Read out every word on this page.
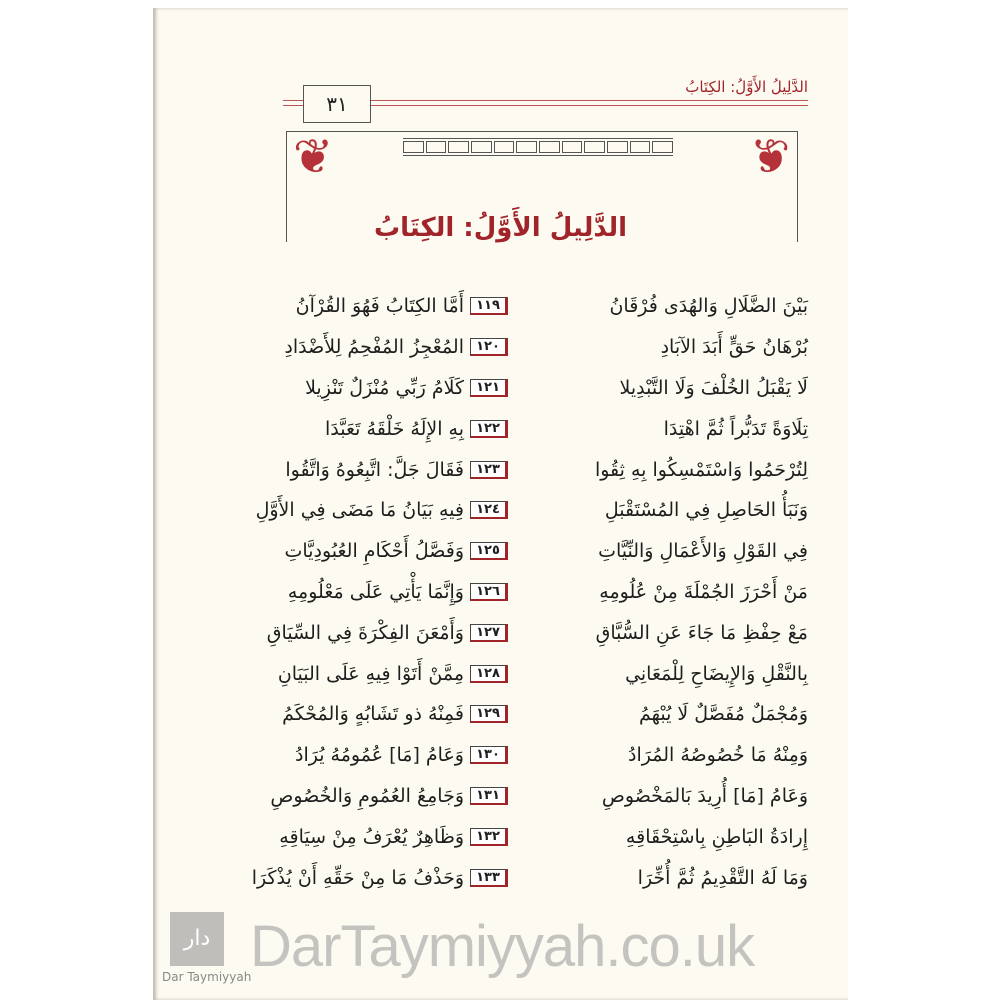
الدَّلِيلُ الأَوَّلُ: الكِتَابُ
٣١
❦	❦
الدَّلِيلُ الأَوَّلُ: الكِتَابُ
١١٩
أَمَّا الكِتَابُ فَهُوَ القُرْآنُ	بَيْنَ الضَّلَالِ وَالهُدَى فُرْقَانُ
١٢٠
المُعْجِزُ المُفْحِمُ لِلأَضْدَادِ	بُرْهَانُ حَقٍّ أَبَدَ الآبَادِ
١٢١
كَلَامُ رَبِّي مُنْزَلٌ تَنْزِيلا	لَا يَقْبَلُ الخُلْفَ وَلَا التَّبْدِيلا
١٢٢
بِهِ الإِلَهُ خَلْقَهُ تَعَبَّدَا	تِلَاوَةً تَدَبُّراً ثُمَّ اهْتِدَا
١٢٣
فَقَالَ جَلَّ: اتَّبِعُوهُ وَاتَّقُوا	لِتُرْحَمُوا وَاسْتَمْسِكُوا بِهِ ثِقُوا
١٢٤
فِيهِ بَيَانُ مَا مَضَى فِي الأَوَّلِ	وَنَبَأُ الحَاصِلِ فِي المُسْتَقْبَلِ
١٢٥
وَفَصَّلُ أَحْكَامِ العُبُودِيَّاتِ	فِي القَوْلِ وَالأَعْمَالِ وَالنِّيَّاتِ
١٢٦
وَإِنَّمَا يَأْتِي عَلَى مَعْلُومِهِ	مَنْ أَحْرَزَ الجُمْلَةَ مِنْ عُلُومِهِ
١٢٧
وَأَمْعَنَ الفِكْرَةَ فِي السِّيَاقِ	مَعْ حِفْظِ مَا جَاءَ عَنِ السُّبَّاقِ
١٢٨
مِمَّنْ أَتَوْا فِيهِ عَلَى البَيَانِ	بِالنَّقْلِ وَالإِيضَاحِ لِلْمَعَانِي
١٢٩
فَمِنْهُ ذو تَشَابُهٍ وَالمُحْكَمُ	وَمُجْمَلٌ مُفَصَّلٌ لَا يُبْهَمُ
١٣٠
وَعَامُ [مَا] عُمُومُهُ يُرَادُ	وَمِنْهُ مَا خُصُوصُهُ المُرَادُ
١٣١
وَجَامِعُ العُمُومِ وَالخُصُوصِ	وَعَامُ [مَا] أُرِيدَ بَالمَخْصُوصِ
١٣٢
وَظَاهِرٌ يُعْرَفُ مِنْ سِيَاقِهِ	إِرادَةُ البَاطِنِ بِاسْتِحْقَاقِهِ
١٣٣
وَحَذْفُ مَا مِنْ حَقِّهِ أَنْ يُذْكَرَا	وَمَا لَهُ التَّقْدِيمُ ثُمَّ أُخِّرَا
دار
Dar Taymiyyah
DarTaymiyyah.co.uk
